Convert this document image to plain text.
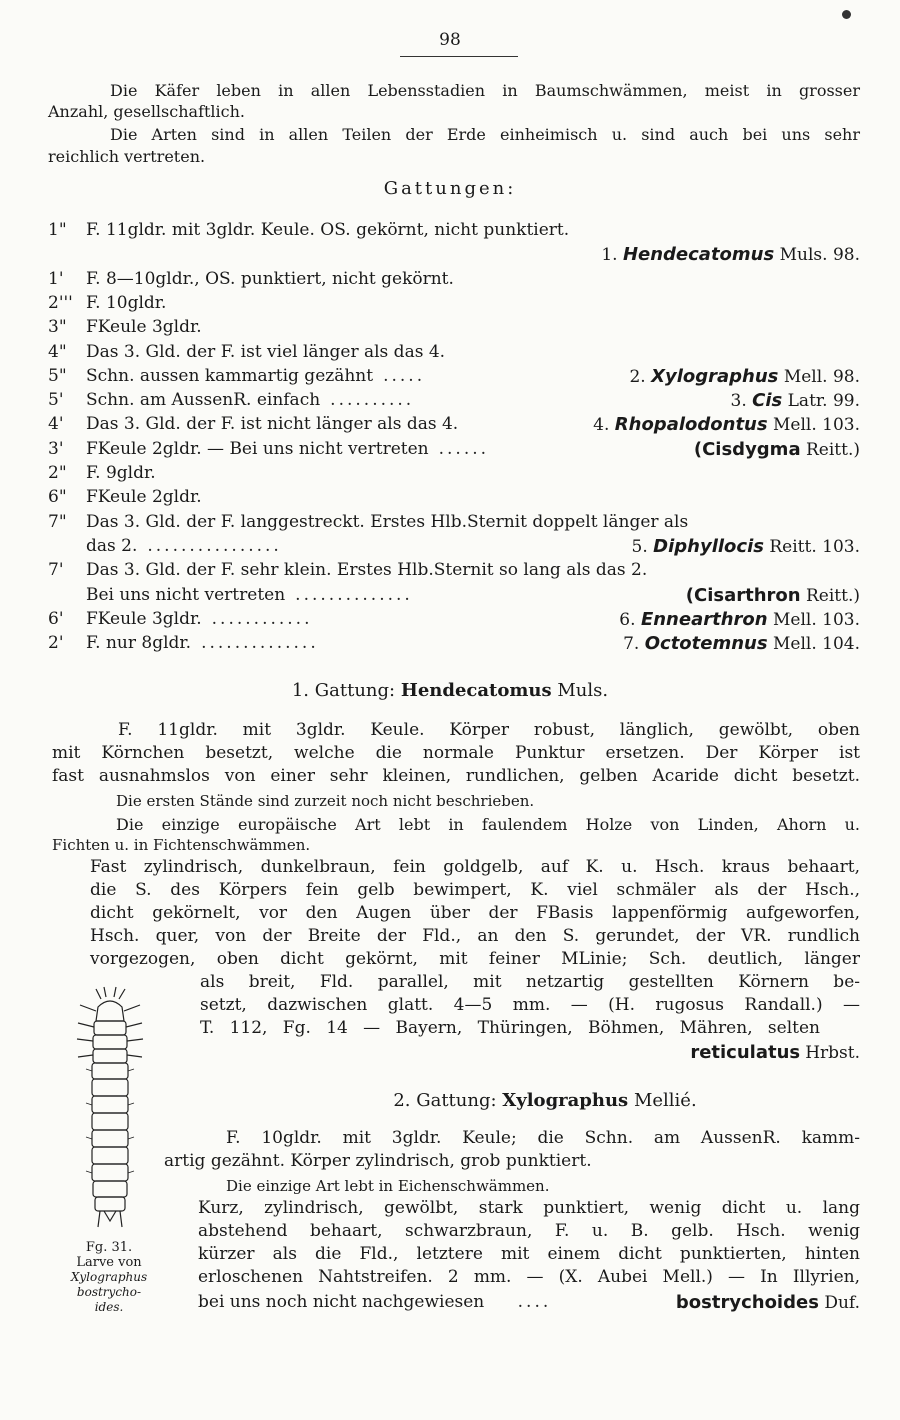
98

Die Käfer leben in allen Lebensstadien in Baumschwämmen, meist in grosser

Anzahl, gesellschaftlich.

Die Arten sind in allen Teilen der Erde einheimisch u. sind auch bei uns sehr

reichlich vertreten.

Gattungen:
1" F. 11gldr. mit 3gldr. Keule. OS. gekörnt, nicht punktiert.
1. Hendecatomus Muls. 98.
1' F. 8—10gldr., OS. punktiert, nicht gekörnt.
2''' F. 10gldr.
3" FKeule 3gldr.
4" Das 3. Gld. der F. ist viel länger als das 4.
5" Schn. aussen kammartig gezähnt .....	2. Xylographus Mell. 98.
5' Schn. am AussenR. einfach ..........	3. Cis Latr. 99.
4' Das 3. Gld. der F. ist nicht länger als das 4.	4. Rhopalodontus Mell. 103.
3' FKeule 2gldr. — Bei uns nicht vertreten ......	(Cisdygma Reitt.)
2" F. 9gldr.
6" FKeule 2gldr.
7" Das 3. Gld. der F. langgestreckt. Erstes Hlb.Sternit doppelt länger als
das 2. ................	5. Diphyllocis Reitt. 103.
7' Das 3. Gld. der F. sehr klein. Erstes Hlb.Sternit so lang als das 2.
Bei uns nicht vertreten ..............	(Cisarthron Reitt.)
6' FKeule 3gldr. ............	6. Ennearthron Mell. 103.
2' F. nur 8gldr. ..............	7. Octotemnus Mell. 104.
1. Gattung: Hendecatomus Muls.

F. 11gldr. mit 3gldr. Keule. Körper robust, länglich, gewölbt, oben

mit Körnchen besetzt, welche die normale Punktur ersetzen. Der Körper ist

fast ausnahmslos von einer sehr kleinen, rundlichen, gelben Acaride dicht besetzt.

Die ersten Stände sind zurzeit noch nicht beschrieben.

Die einzige europäische Art lebt in faulendem Holze von Linden, Ahorn u.

Fichten u. in Fichtenschwämmen.

Fast zylindrisch, dunkelbraun, fein goldgelb, auf K. u. Hsch. kraus behaart,

die S. des Körpers fein gelb bewimpert, K. viel schmäler als der Hsch.,

dicht gekörnelt, vor den Augen über der FBasis lappenförmig aufgeworfen,

Hsch. quer, von der Breite der Fld., an den S. gerundet, der VR. rundlich

vorgezogen, oben dicht gekörnt, mit feiner MLinie; Sch. deutlich, länger

als breit, Fld. parallel, mit netzartig gestellten Körnern be-

setzt, dazwischen glatt. 4—5 mm. — (H. rugosus Randall.) —

T. 112, Fg. 14 — Bayern, Thüringen, Böhmen, Mähren, selten

reticulatus Hrbst.

2. Gattung: Xylographus Mellié.

F. 10gldr. mit 3gldr. Keule; die Schn. am AussenR. kamm-

artig gezähnt. Körper zylindrisch, grob punktiert.

Die einzige Art lebt in Eichenschwämmen.

Kurz, zylindrisch, gewölbt, stark punktiert, wenig dicht u. lang

abstehend behaart, schwarzbraun, F. u. B. gelb. Hsch. wenig

kürzer als die Fld., letztere mit einem dicht punktierten, hinten

erloschenen Nahtstreifen. 2 mm. — (X. Aubei Mell.) — In Illyrien,

bei uns noch nicht nachgewiesen ....	bostrychoides Duf.

Fg. 31.
Larve von
Xylographus
bostrycho-
ides.
